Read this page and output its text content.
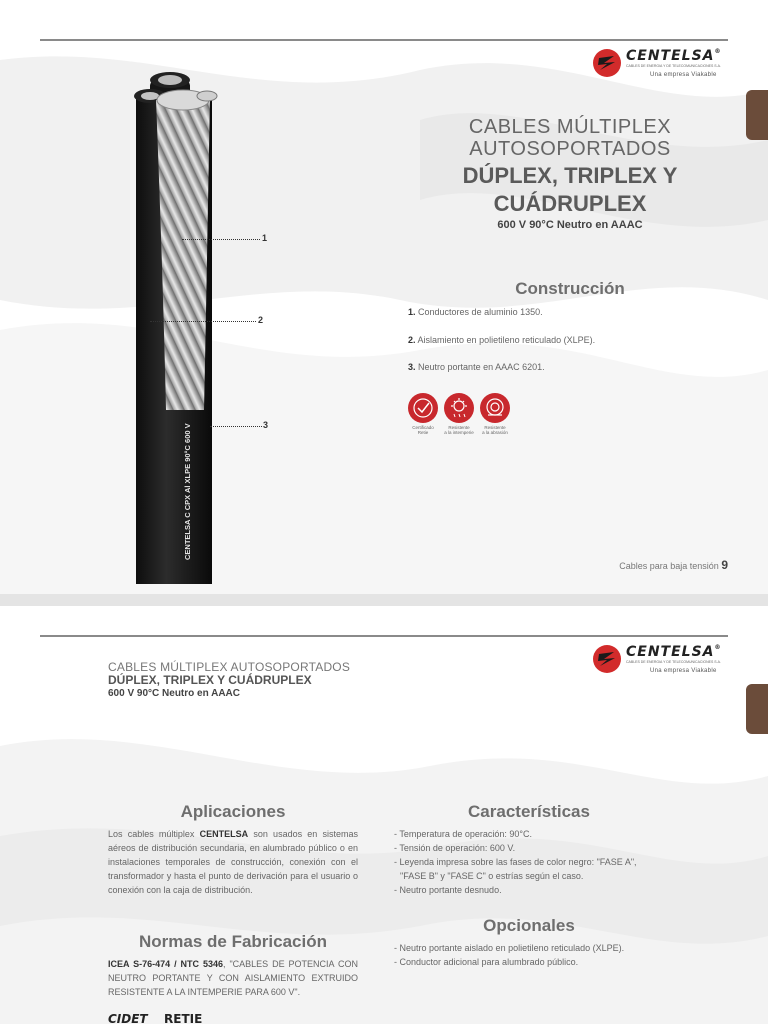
CENTELSA®
CABLES DE ENERGIA Y DE TELECOMUNICACIONES S.A.
Una empresa Viakable
CENTELSA C CPX Al XLPE 90°C 600 V
1
2
3
CABLES MÚLTIPLEX
AUTOSOPORTADOS
DÚPLEX, TRIPLEX Y
CUÁDRUPLEX
600 V 90°C Neutro en AAAC
Construcción
1. Conductores de aluminio 1350.
2. Aislamiento en polietileno reticulado (XLPE).
3. Neutro portante en AAAC 6201.
Certificado
Retie
Resistente
a la intemperie
Resistente
a la abrasión
Cables para baja tensión 9
CENTELSA®
CABLES DE ENERGIA Y DE TELECOMUNICACIONES S.A.
Una empresa Viakable
CABLES MÚLTIPLEX AUTOSOPORTADOS
DÚPLEX, TRIPLEX Y CUÁDRUPLEX
600 V 90°C Neutro en AAAC
Aplicaciones

Los cables múltiplex CENTELSA son usados en sistemas aéreos de distribución secundaria, en alumbrado público o en instalaciones temporales de construcción, conexión con el transformador y hasta el punto de derivación para el usuario o conexión con la caja de distribución.

Normas de Fabricación

ICEA S-76-474 / NTC 5346, "CABLES DE POTENCIA CON NEUTRO PORTANTE Y CON AISLAMIENTO EXTRUIDO RESISTENTE A LA INTEMPERIE PARA 600 V".

CIDET RETIE
Características
- Temperatura de operación: 90°C.
- Tensión de operación: 600 V.
- Leyenda impresa sobre las fases de color negro: "FASE A", "FASE B" y "FASE C" o estrías según el caso.
- Neutro portante desnudo.
Opcionales
- Neutro portante aislado en polietileno reticulado (XLPE).
- Conductor adicional para alumbrado público.
